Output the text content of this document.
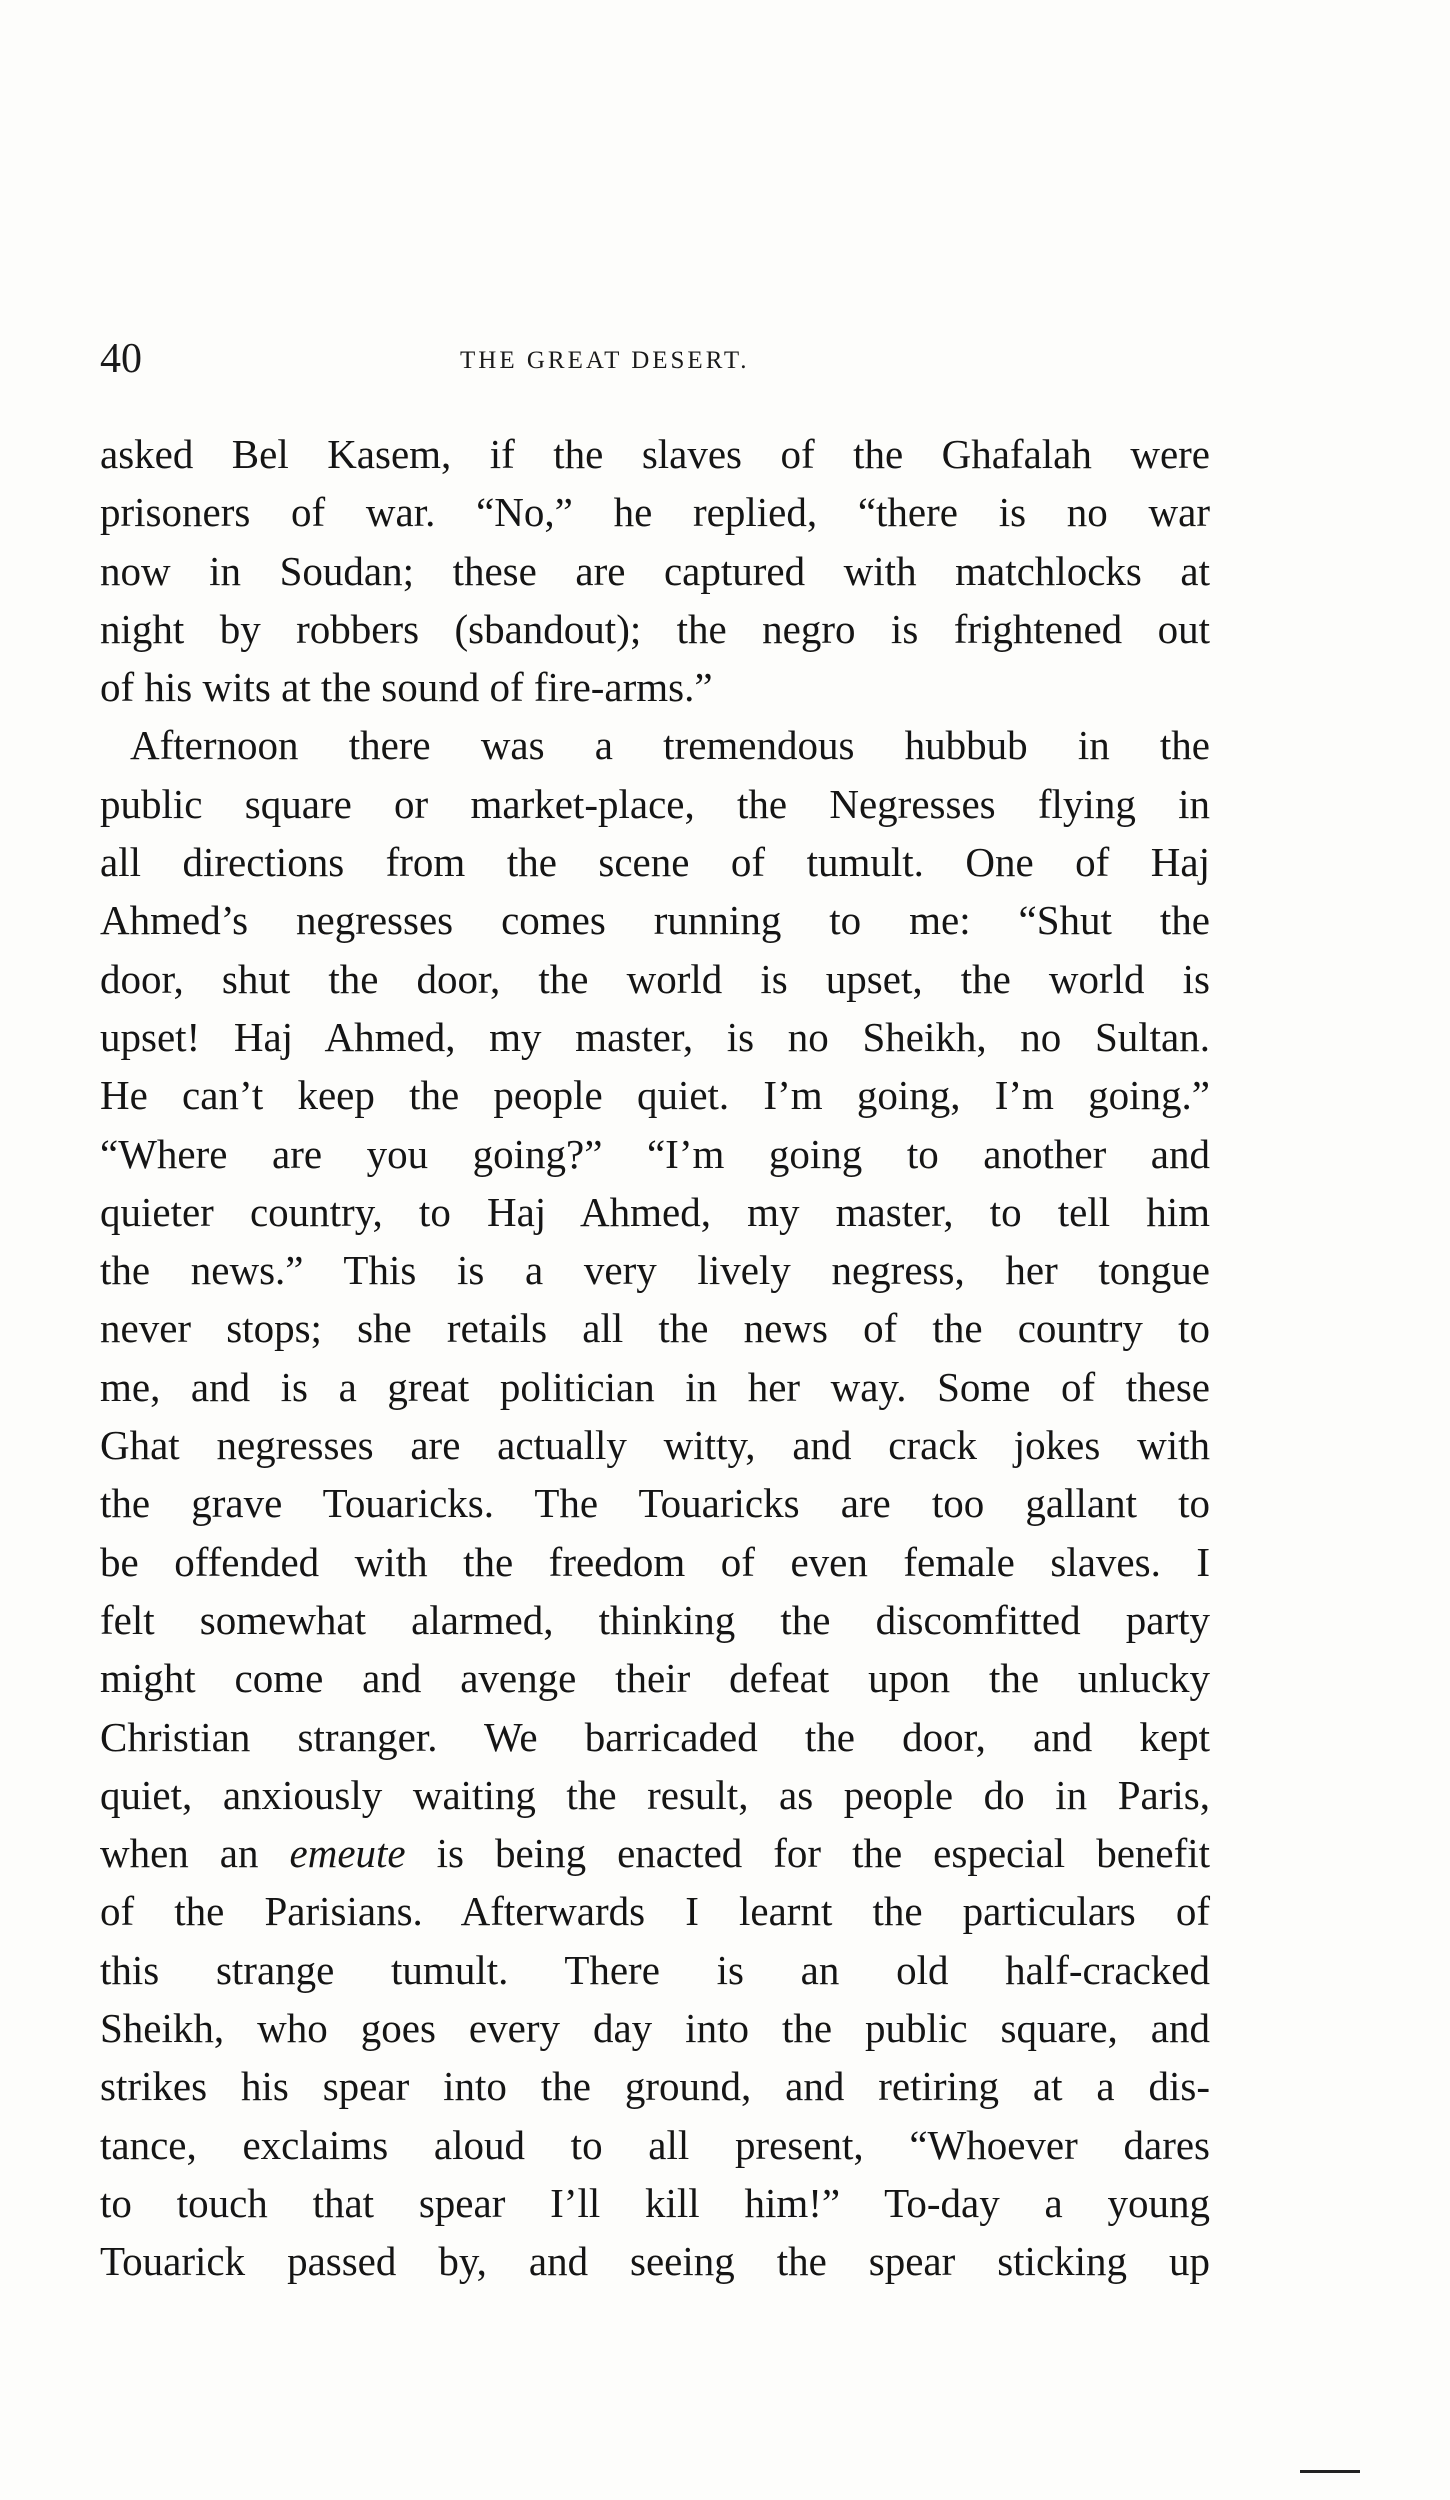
40	THE GREAT DESERT.
asked Bel Kasem, if the slaves of the Ghafalah were
prisoners of war. “No,” he replied, “there is no war
now in Soudan; these are captured with matchlocks at
night by robbers (sbandout); the negro is frightened out
of his wits at the sound of fire-arms.”
Afternoon there was a tremendous hubbub in the
public square or market-place, the Negresses flying in
all directions from the scene of tumult. One of Haj
Ahmed’s negresses comes running to me: “Shut the
door, shut the door, the world is upset, the world is
upset! Haj Ahmed, my master, is no Sheikh, no Sultan.
He can’t keep the people quiet. I’m going, I’m going.”
“Where are you going?” “I’m going to another and
quieter country, to Haj Ahmed, my master, to tell him
the news.” This is a very lively negress, her tongue
never stops; she retails all the news of the country to
me, and is a great politician in her way. Some of these
Ghat negresses are actually witty, and crack jokes with
the grave Touaricks. The Touaricks are too gallant to
be offended with the freedom of even female slaves. I
felt somewhat alarmed, thinking the discomfitted party
might come and avenge their defeat upon the unlucky
Christian stranger. We barricaded the door, and kept
quiet, anxiously waiting the result, as people do in Paris,
when an emeute is being enacted for the especial benefit
of the Parisians. Afterwards I learnt the particulars of
this strange tumult. There is an old half-cracked
Sheikh, who goes every day into the public square, and
strikes his spear into the ground, and retiring at a dis-
tance, exclaims aloud to all present, “Whoever dares
to touch that spear I’ll kill him!” To-day a young
Touarick passed by, and seeing the spear sticking up
